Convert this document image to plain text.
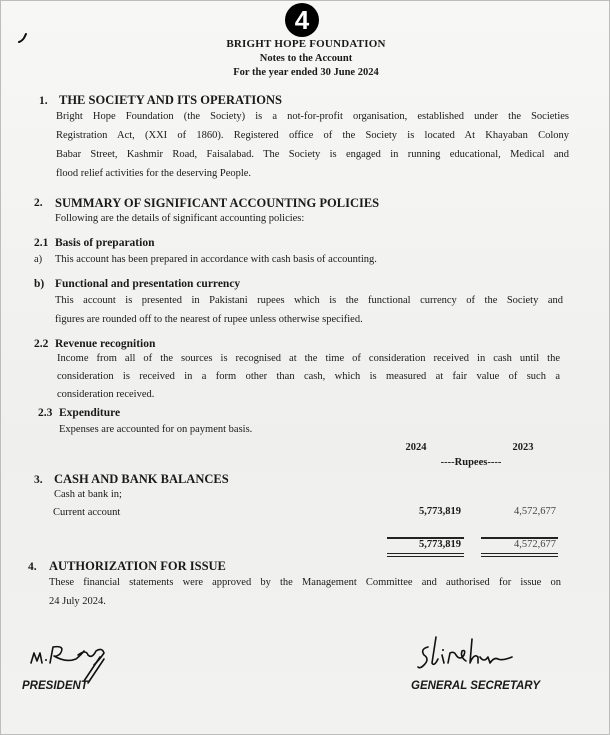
4
BRIGHT HOPE FOUNDATION
Notes to the Account
For the year ended 30 June 2024
1. THE SOCIETY AND ITS OPERATIONS
Bright Hope Foundation (the Society) is a not-for-profit organisation, established under the Societies
Registration Act, (XXI of 1860). Registered office of the Society is located At Khayaban Colony
Babar Street, Kashmir Road, Faisalabad. The Society is engaged in running educational, Medical and
flood relief activities for the deserving People.
2. SUMMARY OF SIGNIFICANT ACCOUNTING POLICIES
Following are the details of significant accounting policies:
2.1 Basis of preparation
a) This account has been prepared in accordance with cash basis of accounting.
b) Functional and presentation currency
This account is presented in Pakistani rupees which is the functional currency of the Society and
figures are rounded off to the nearest of rupee unless otherwise specified.
2.2 Revenue recognition
Income from all of the sources is recognised at the time of consideration received in cash until the
consideration is received in a form other than cash, which is measured at fair value of such a
consideration received.
2.3 Expenditure
Expenses are accounted for on payment basis.
2024	2023
----Rupees----
3. CASH AND BANK BALANCES
Cash at bank in;
Current account	5,773,819	4,572,677
5,773,819	4,572,677
4. AUTHORIZATION FOR ISSUE
These financial statements were approved by the Management Committee and authorised for issue on
24 July 2024.
PRESIDENT	GENERAL SECRETARY
